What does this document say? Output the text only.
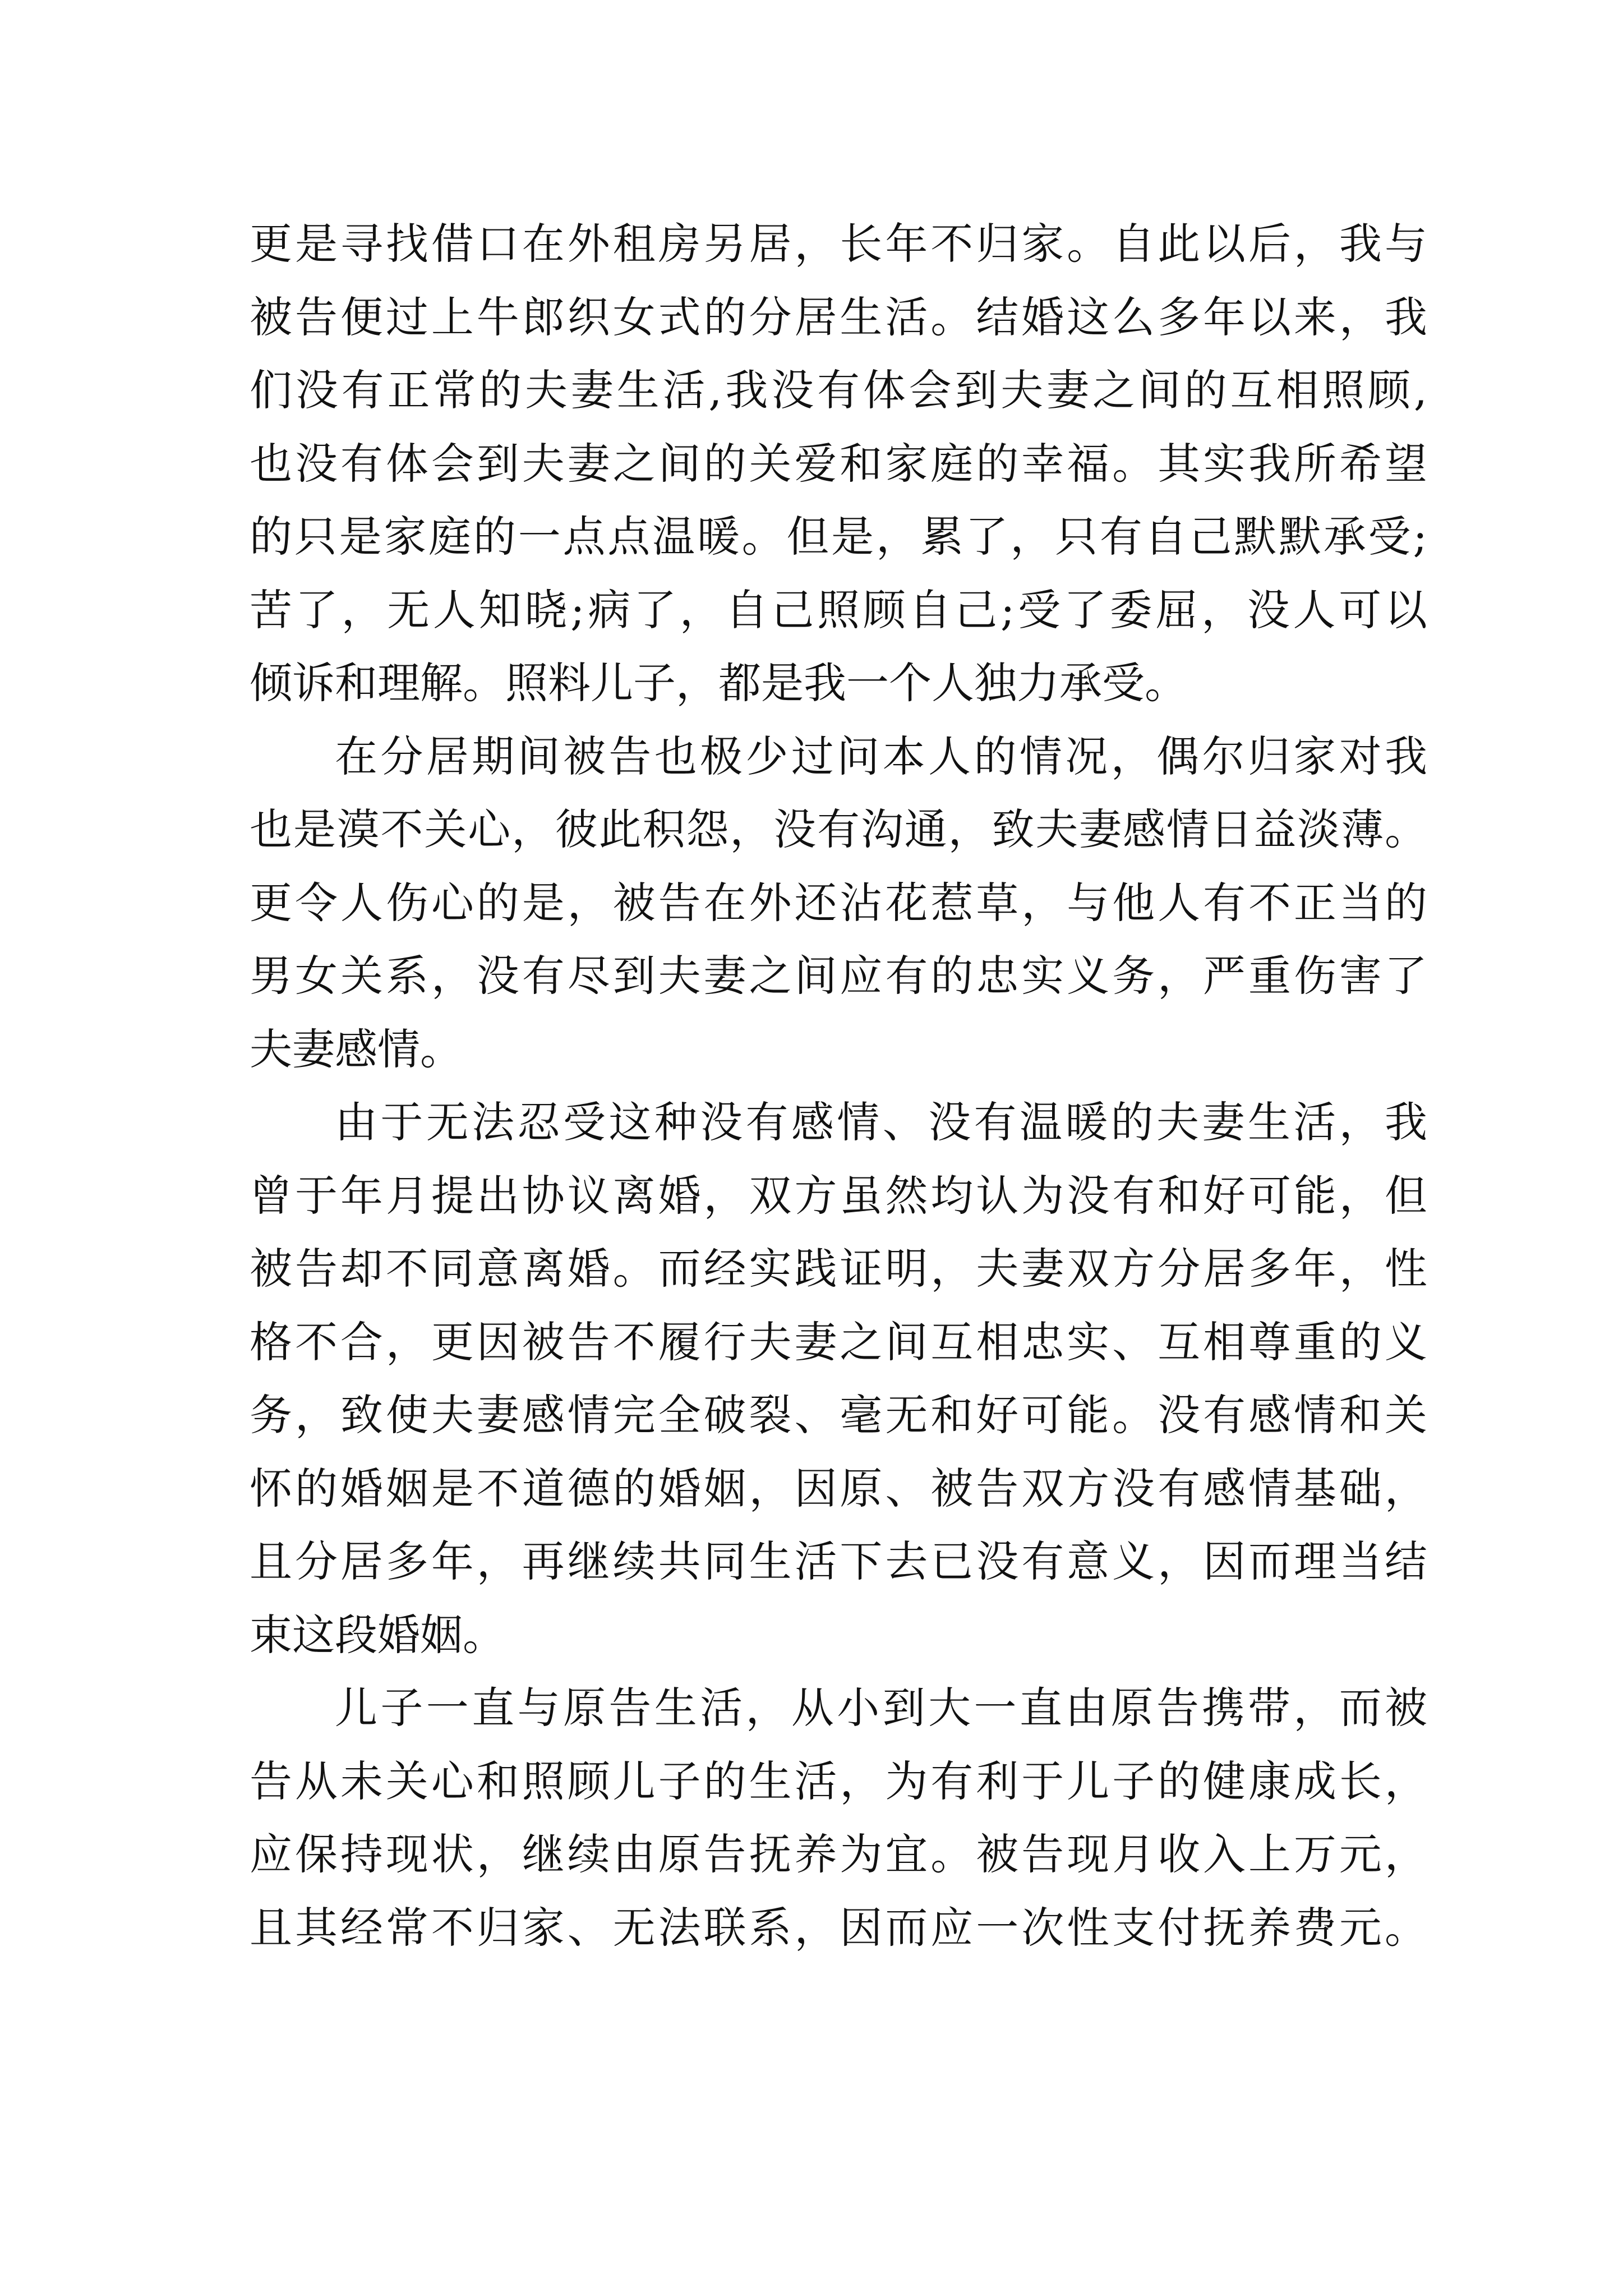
更 是 寻 找 借 口 在 外 租 房 另 居 ， 长 年 不 归 家 。 自 此 以 后 ， 我 与
被 告 便 过 上 牛 郎 织 女 式 的 分 居 生 活 。 结 婚 这 么 多 年 以 来 ， 我
们 没 有 正 常 的 夫 妻 生 活 , 我 没 有 体 会 到 夫 妻 之 间 的 互 相 照 顾 ,
也 没 有 体 会 到 夫 妻 之 间 的 关 爱 和 家 庭 的 幸 福 。 其 实 我 所 希 望
的 只 是 家 庭 的 一 点 点 温 暖 。 但 是 ， 累 了 ， 只 有 自 己 默 默 承 受 ;
苦 了 ， 无 人 知 晓 ; 病 了 ， 自 己 照 顾 自 己 ; 受 了 委 屈 ， 没 人 可 以
倾诉和理解。照料儿子，都是我一个人独力承受。
在 分 居 期 间 被 告 也 极 少 过 问 本 人 的 情 况 ， 偶 尔 归 家 对 我
也 是 漠 不 关 心 ， 彼 此 积 怨 ， 没 有 沟 通 ， 致 夫 妻 感 情 日 益 淡 薄 。
更 令 人 伤 心 的 是 ， 被 告 在 外 还 沾 花 惹 草 ， 与 他 人 有 不 正 当 的
男 女 关 系 ， 没 有 尽 到 夫 妻 之 间 应 有 的 忠 实 义 务 ， 严 重 伤 害 了
夫妻感情。
由 于 无 法 忍 受 这 种 没 有 感 情 、 没 有 温 暖 的 夫 妻 生 活 ， 我
曾 于 年 月 提 出 协 议 离 婚 ， 双 方 虽 然 均 认 为 没 有 和 好 可 能 ， 但
被 告 却 不 同 意 离 婚 。 而 经 实 践 证 明 ， 夫 妻 双 方 分 居 多 年 ， 性
格 不 合 ， 更 因 被 告 不 履 行 夫 妻 之 间 互 相 忠 实 、 互 相 尊 重 的 义
务 ， 致 使 夫 妻 感 情 完 全 破 裂 、 毫 无 和 好 可 能 。 没 有 感 情 和 关
怀 的 婚 姻 是 不 道 德 的 婚 姻 ， 因 原 、 被 告 双 方 没 有 感 情 基 础 ，
且 分 居 多 年 ， 再 继 续 共 同 生 活 下 去 已 没 有 意 义 ， 因 而 理 当 结
束这段婚姻。
儿 子 一 直 与 原 告 生 活 ， 从 小 到 大 一 直 由 原 告 携 带 ， 而 被
告 从 未 关 心 和 照 顾 儿 子 的 生 活 ， 为 有 利 于 儿 子 的 健 康 成 长 ，
应 保 持 现 状 ， 继 续 由 原 告 抚 养 为 宜 。 被 告 现 月 收 入 上 万 元 ，
且 其 经 常 不 归 家 、 无 法 联 系 ， 因 而 应 一 次 性 支 付 抚 养 费 元 。
